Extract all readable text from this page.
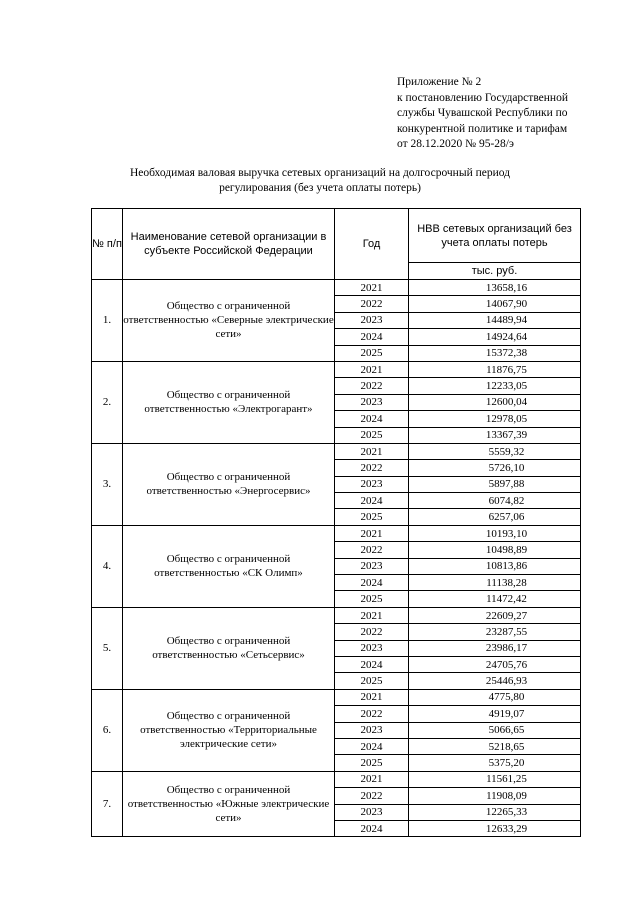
Приложение № 2
к постановлению Государственной
службы Чувашской Республики по
конкурентной политике и тарифам
от 28.12.2020 № 95-28/э
Необходимая валовая выручка сетевых организаций на долгосрочный период
регулирования (без учета оплаты потерь)
№ п/п	Наименование сетевой организации в субъекте Российской Федерации	Год	НВВ сетевых организаций без учета оплаты потерь
			тыс. руб.
1.	Общество с ограниченной ответственностью «Северные электрические сети»	2021	13658,16
		2022	14067,90
		2023	14489,94
		2024	14924,64
		2025	15372,38
2.	Общество с ограниченной ответственностью «Электрогарант»	2021	11876,75
		2022	12233,05
		2023	12600,04
		2024	12978,05
		2025	13367,39
3.	Общество с ограниченной ответственностью «Энергосервис»	2021	5559,32
		2022	5726,10
		2023	5897,88
		2024	6074,82
		2025	6257,06
4.	Общество с ограниченной ответственностью «СК Олимп»	2021	10193,10
		2022	10498,89
		2023	10813,86
		2024	11138,28
		2025	11472,42
5.	Общество с ограниченной ответственностью «Сетьсервис»	2021	22609,27
		2022	23287,55
		2023	23986,17
		2024	24705,76
		2025	25446,93
6.	Общество с ограниченной ответственностью «Территориальные электрические сети»	2021	4775,80
		2022	4919,07
		2023	5066,65
		2024	5218,65
		2025	5375,20
7.	Общество с ограниченной ответственностью «Южные электрические сети»	2021	11561,25
		2022	11908,09
		2023	12265,33
		2024	12633,29
